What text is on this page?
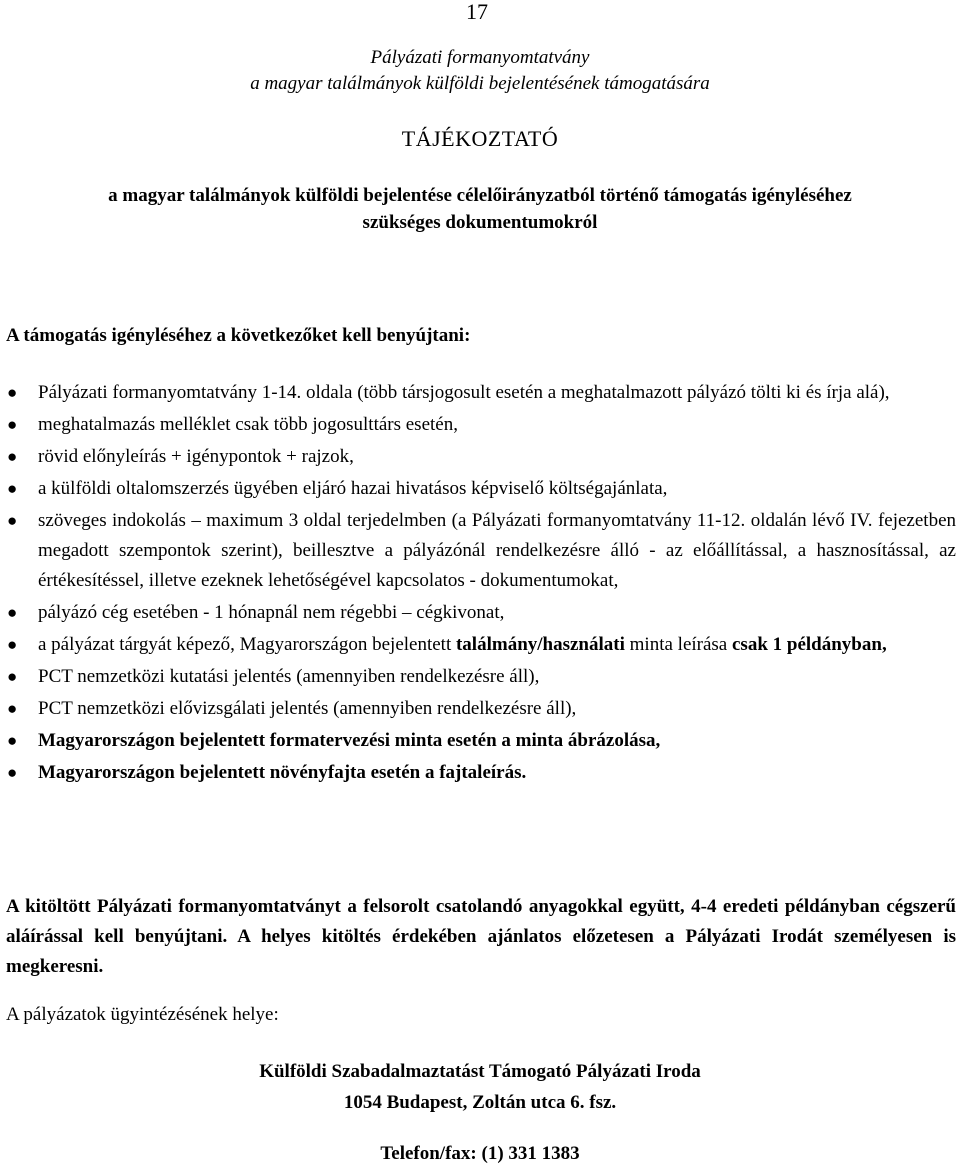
17
Pályázati formanyomtatvány
a magyar találmányok külföldi bejelentésének támogatására
TÁJÉKOZTATÓ
a magyar találmányok külföldi bejelentése célelőirányzatból történő támogatás igényléséhez
szükséges dokumentumokról
A támogatás igényléséhez a következőket kell benyújtani:
● Pályázati formanyomtatvány 1-14. oldala (több társjogosult esetén a meghatalmazott pályázó tölti ki és írja alá),
● meghatalmazás melléklet csak több jogosulttárs esetén,
● rövid előnyleírás + igénypontok + rajzok,
● a külföldi oltalomszerzés ügyében eljáró hazai hivatásos képviselő költségajánlata,
● szöveges indokolás – maximum 3 oldal terjedelmben (a Pályázati formanyomtatvány 11-12. oldalán lévő IV. fejezetben megadott szempontok szerint), beillesztve a pályázónál rendelkezésre álló - az előállítással, a hasznosítással, az értékesítéssel, illetve ezeknek lehetőségével kapcsolatos - dokumentumokat,
● pályázó cég esetében - 1 hónapnál nem régebbi – cégkivonat,
● a pályázat tárgyát képező, Magyarországon bejelentett találmány/használati minta leírása csak 1 példányban,
● PCT nemzetközi kutatási jelentés (amennyiben rendelkezésre áll),
● PCT nemzetközi elővizsgálati jelentés (amennyiben rendelkezésre áll),
● Magyarországon bejelentett formatervezési minta esetén a minta ábrázolása,
● Magyarországon bejelentett növényfajta esetén a fajtaleírás.
A kitöltött Pályázati formanyomtatványt a felsorolt csatolandó anyagokkal együtt, 4-4 eredeti példányban cégszerű aláírással kell benyújtani. A helyes kitöltés érdekében ajánlatos előzetesen a Pályázati Irodát személyesen is megkeresni.
A pályázatok ügyintézésének helye:
Külföldi Szabadalmaztatást Támogató Pályázati Iroda
1054 Budapest, Zoltán utca 6. fsz.
Telefon/fax: (1) 331 1383
